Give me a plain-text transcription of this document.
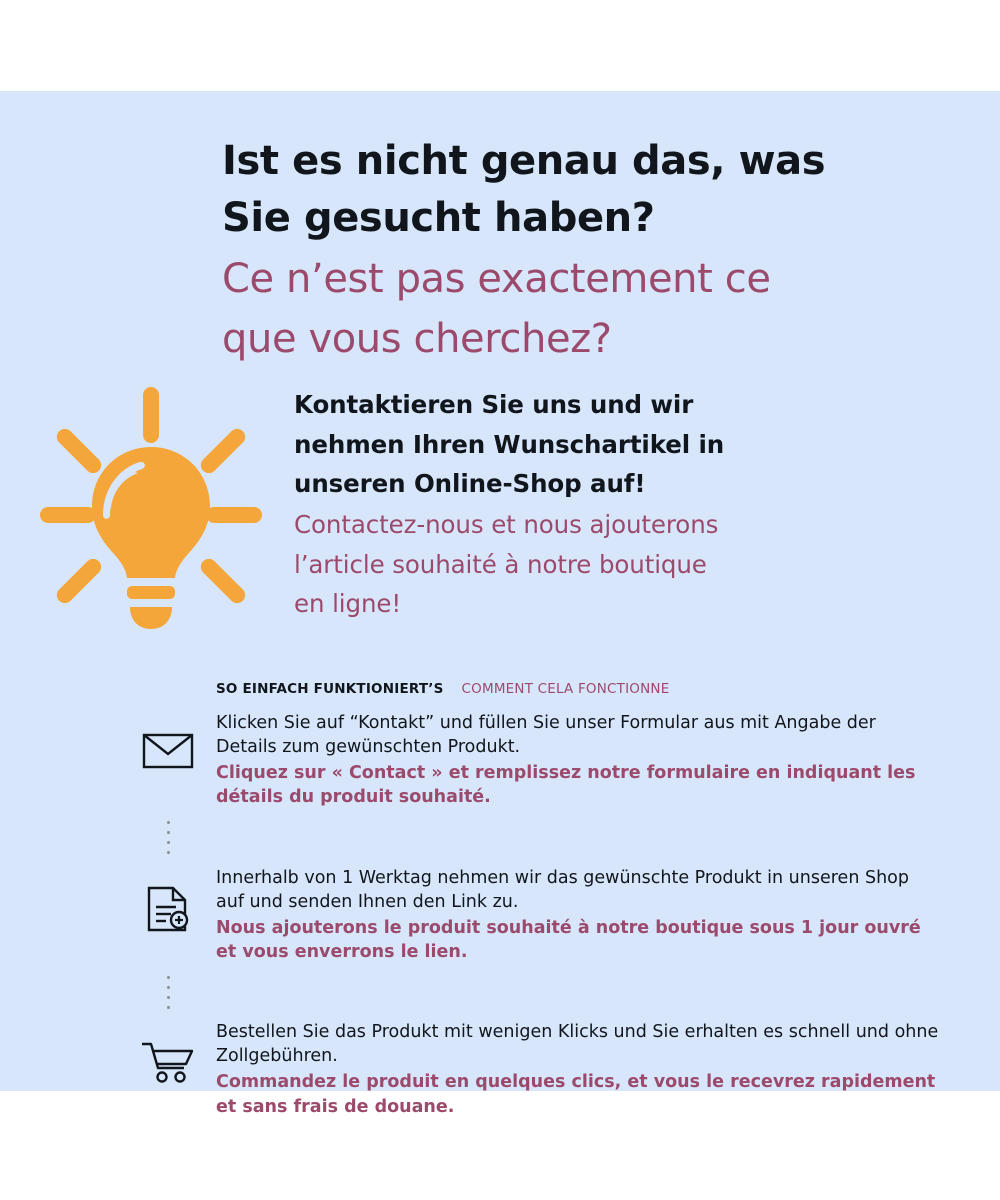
Ist es nicht genau das, was
Sie gesucht haben?
Ce n’est pas exactement ce
que vous cherchez?
Kontaktieren Sie uns und wir
nehmen Ihren Wunschartikel in
unseren Online-Shop auf!
Contactez-nous et nous ajouterons
l’article souhaité à notre boutique
en ligne!
SO EINFACH FUNKTIONIERT’S COMMENT CELA FONCTIONNE
Klicken Sie auf “Kontakt” und füllen Sie unser Formular aus mit Angabe der Details zum gewünschten Produkt.
Cliquez sur « Contact » et remplissez notre formulaire en indiquant les détails du produit souhaité.
Innerhalb von 1 Werktag nehmen wir das gewünschte Produkt in unseren Shop auf und senden Ihnen den Link zu.
Nous ajouterons le produit souhaité à notre boutique sous 1 jour ouvré et vous enverrons le lien.
Bestellen Sie das Produkt mit wenigen Klicks und Sie erhalten es schnell und ohne Zollgebühren.
Commandez le produit en quelques clics, et vous le recevrez rapidement et sans frais de douane.
